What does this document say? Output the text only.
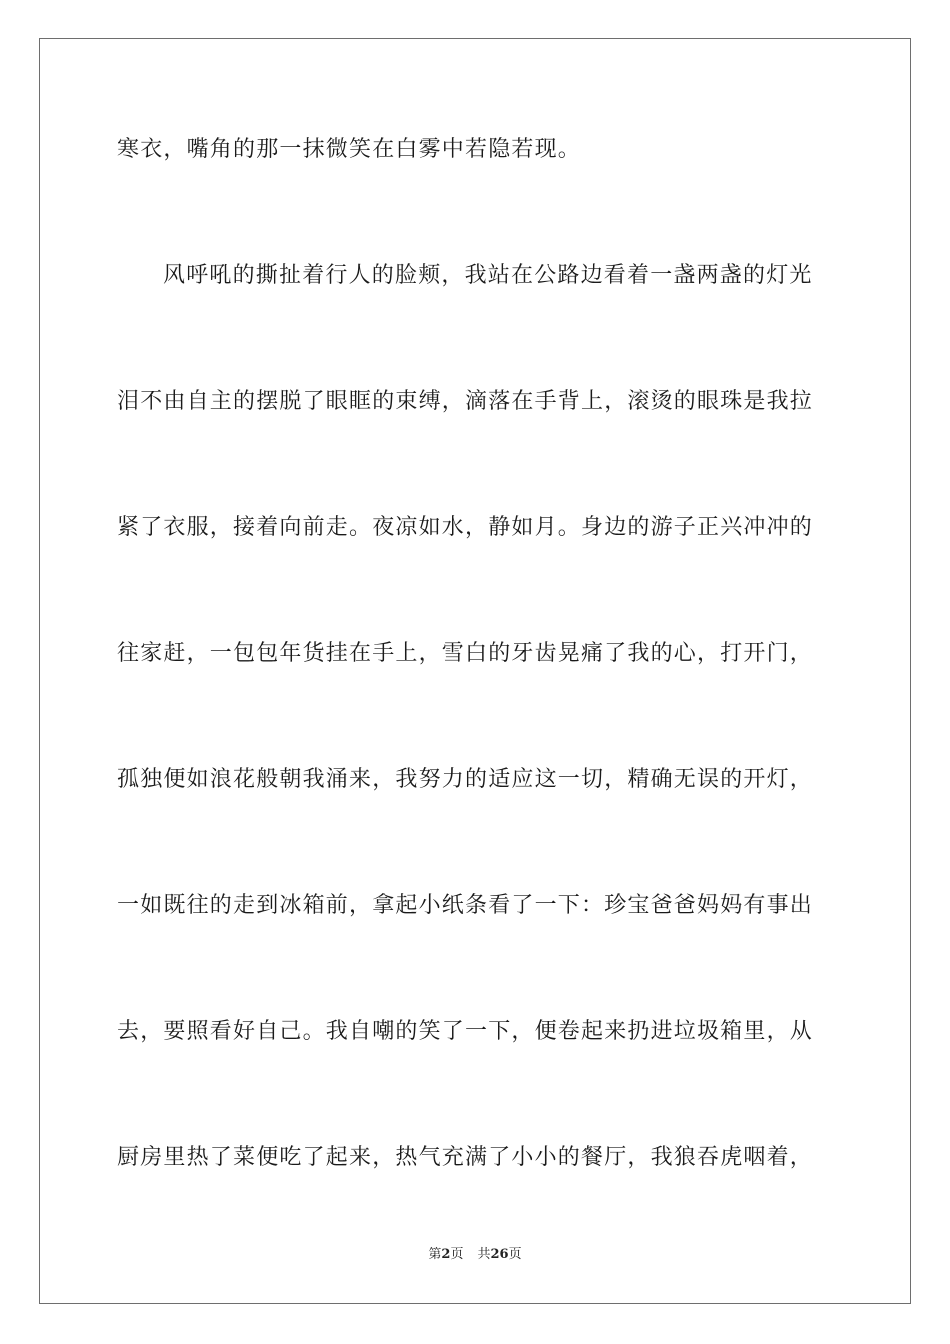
寒衣，嘴角的那一抹微笑在白雾中若隐若现。
风呼吼的撕扯着行人的脸颊，我站在公路边看着一盏两盏的灯光
泪不由自主的摆脱了眼眶的束缚，滴落在手背上，滚烫的眼珠是我拉
紧了衣服，接着向前走。夜凉如水，静如月。身边的游子正兴冲冲的
往家赶，一包包年货挂在手上，雪白的牙齿晃痛了我的心，打开门，
孤独便如浪花般朝我涌来，我努力的适应这一切，精确无误的开灯，
一如既往的走到冰箱前，拿起小纸条看了一下：珍宝爸爸妈妈有事出
去，要照看好自己。我自嘲的笑了一下，便卷起来扔进垃圾箱里，从
厨房里热了菜便吃了起来，热气充满了小小的餐厅，我狼吞虎咽着，
第2页 共26页
